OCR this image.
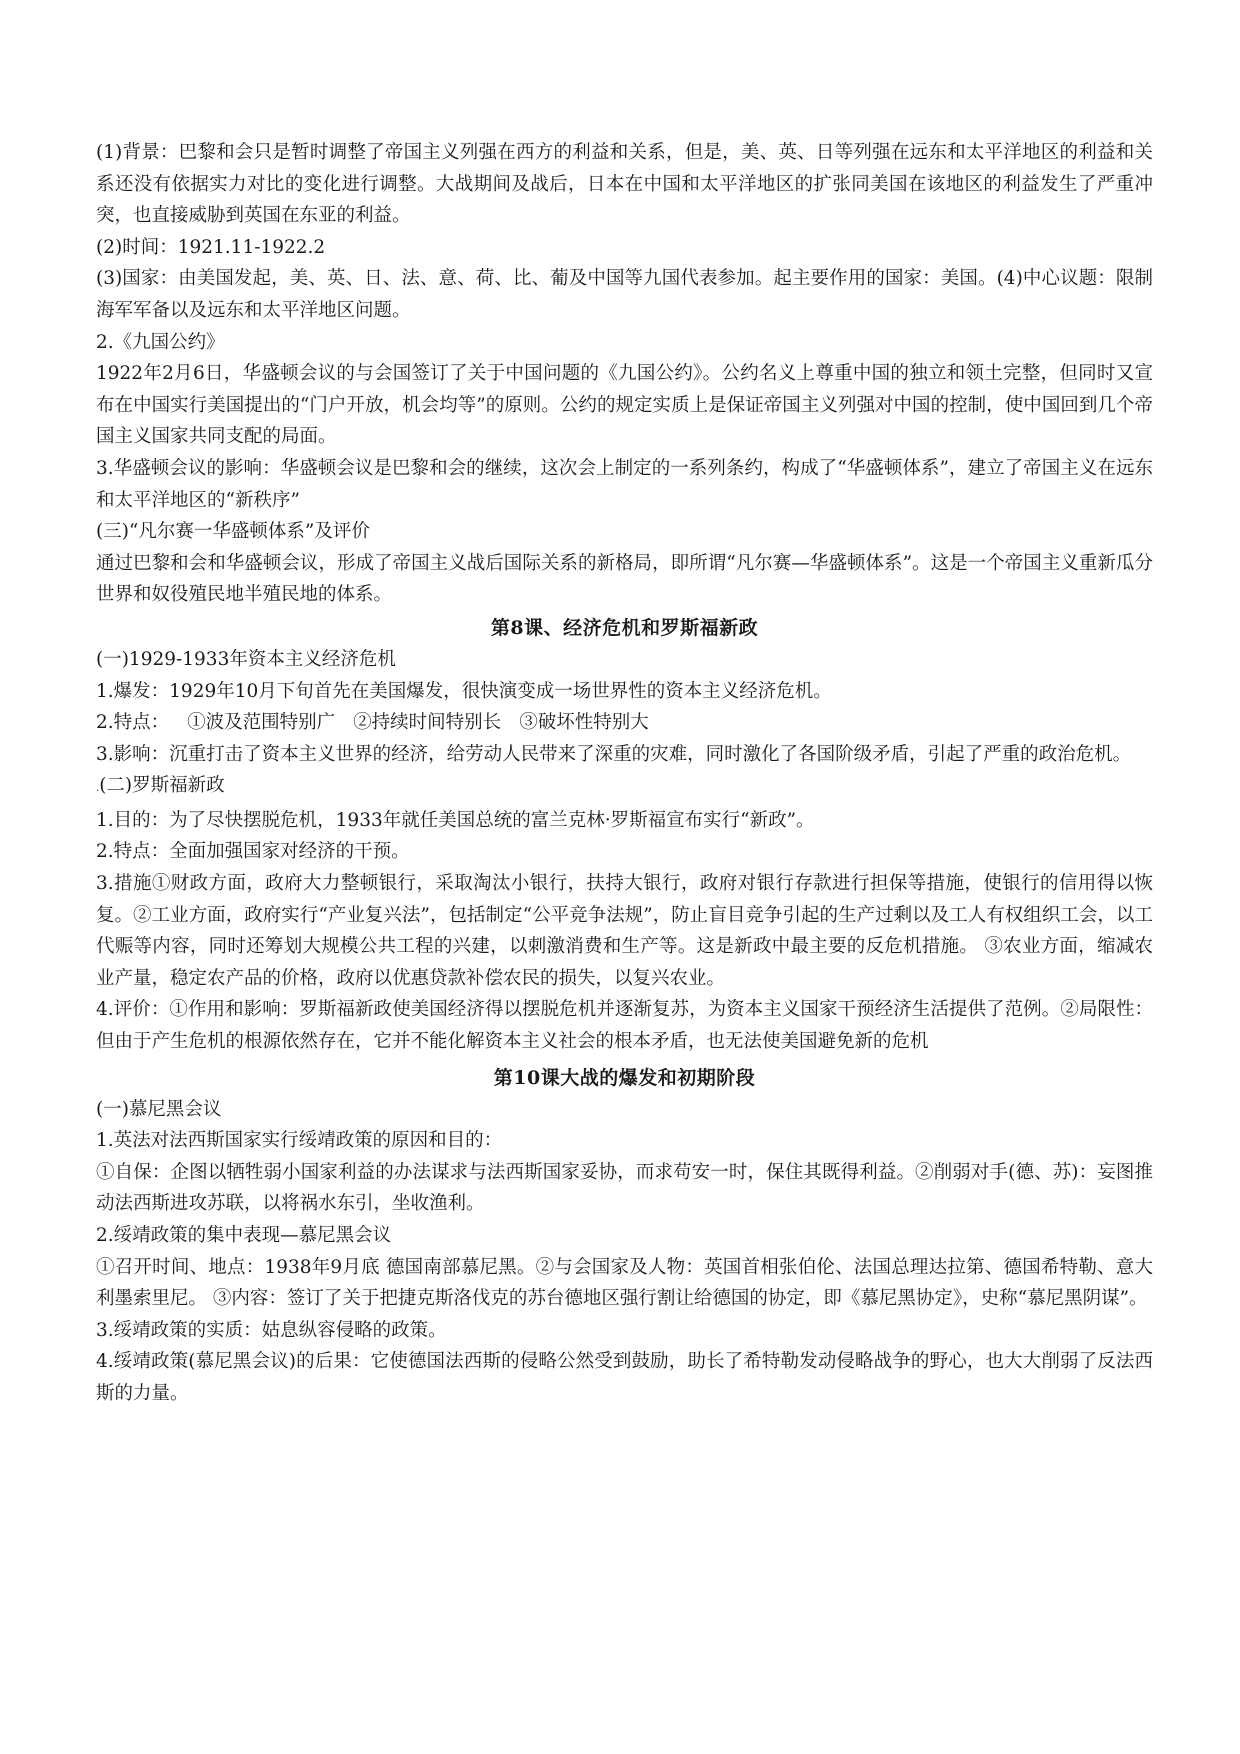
(1)背景：巴黎和会只是暂时调整了帝国主义列强在西方的利益和关系，但是，美、英、日等列强在远东和太平洋地区的利益和关系还没有依据实力对比的变化进行调整。大战期间及战后，日本在中国和太平洋地区的扩张同美国在该地区的利益发生了严重冲突，也直接威胁到英国在东亚的利益。

(2)时间：1921.11-1922.2

(3)国家：由美国发起，美、英、日、法、意、荷、比、葡及中国等九国代表参加。起主要作用的国家：美国。(4)中心议题：限制海军军备以及远东和太平洋地区问题。

2.《九国公约》

1922年2月6日，华盛顿会议的与会国签订了关于中国问题的《九国公约》。公约名义上尊重中国的独立和领土完整，但同时又宣布在中国实行美国提出的“门户开放，机会均等”的原则。公约的规定实质上是保证帝国主义列强对中国的控制，使中国回到几个帝国主义国家共同支配的局面。

3.华盛顿会议的影响：华盛顿会议是巴黎和会的继续，这次会上制定的一系列条约，构成了“华盛顿体系”，建立了帝国主义在远东和太平洋地区的“新秩序”

(三)“凡尔赛一华盛顿体系”及评价

通过巴黎和会和华盛顿会议，形成了帝国主义战后国际关系的新格局，即所谓“凡尔赛—华盛顿体系”。这是一个帝国主义重新瓜分世界和奴役殖民地半殖民地的体系。

第8课、经济危机和罗斯福新政

(一)1929-1933年资本主义经济危机

1.爆发：1929年10月下旬首先在美国爆发，很快演变成一场世界性的资本主义经济危机。

2.特点： ①波及范围特别广 ②持续时间特别长 ③破坏性特别大

3.影响：沉重打击了资本主义世界的经济，给劳动人民带来了深重的灾难，同时激化了各国阶级矛盾，引起了严重的政治危机。

.(二)罗斯福新政

1.目的：为了尽快摆脱危机，1933年就任美国总统的富兰克林·罗斯福宣布实行“新政”。

2.特点：全面加强国家对经济的干预。

3.措施①财政方面，政府大力整顿银行，采取淘汰小银行，扶持大银行，政府对银行存款进行担保等措施，使银行的信用得以恢复。②工业方面，政府实行“产业复兴法”，包括制定“公平竞争法规”，防止盲目竞争引起的生产过剩以及工人有权组织工会，以工代赈等内容，同时还筹划大规模公共工程的兴建，以刺激消费和生产等。这是新政中最主要的反危机措施。 ③农业方面，缩减农业产量，稳定农产品的价格，政府以优惠贷款补偿农民的损失，以复兴农业。

4.评价：①作用和影响：罗斯福新政使美国经济得以摆脱危机并逐渐复苏，为资本主义国家干预经济生活提供了范例。②局限性：但由于产生危机的根源依然存在，它并不能化解资本主义社会的根本矛盾，也无法使美国避免新的危机

第10课大战的爆发和初期阶段

(一)慕尼黑会议

1.英法对法西斯国家实行绥靖政策的原因和目的：

①自保：企图以牺牲弱小国家利益的办法谋求与法西斯国家妥协，而求苟安一时，保住其既得利益。②削弱对手(德、苏)：妄图推动法西斯进攻苏联，以将祸水东引，坐收渔利。

2.绥靖政策的集中表现—慕尼黑会议

①召开时间、地点：1938年9月底 德国南部慕尼黑。②与会国家及人物：英国首相张伯伦、法国总理达拉第、德国希特勒、意大利墨索里尼。 ③内容：签订了关于把捷克斯洛伐克的苏台德地区强行割让给德国的协定，即《慕尼黑协定》，史称“慕尼黑阴谋”。

3.绥靖政策的实质：姑息纵容侵略的政策。

4.绥靖政策(慕尼黑会议)的后果：它使德国法西斯的侵略公然受到鼓励，助长了希特勒发动侵略战争的野心，也大大削弱了反法西斯的力量。
